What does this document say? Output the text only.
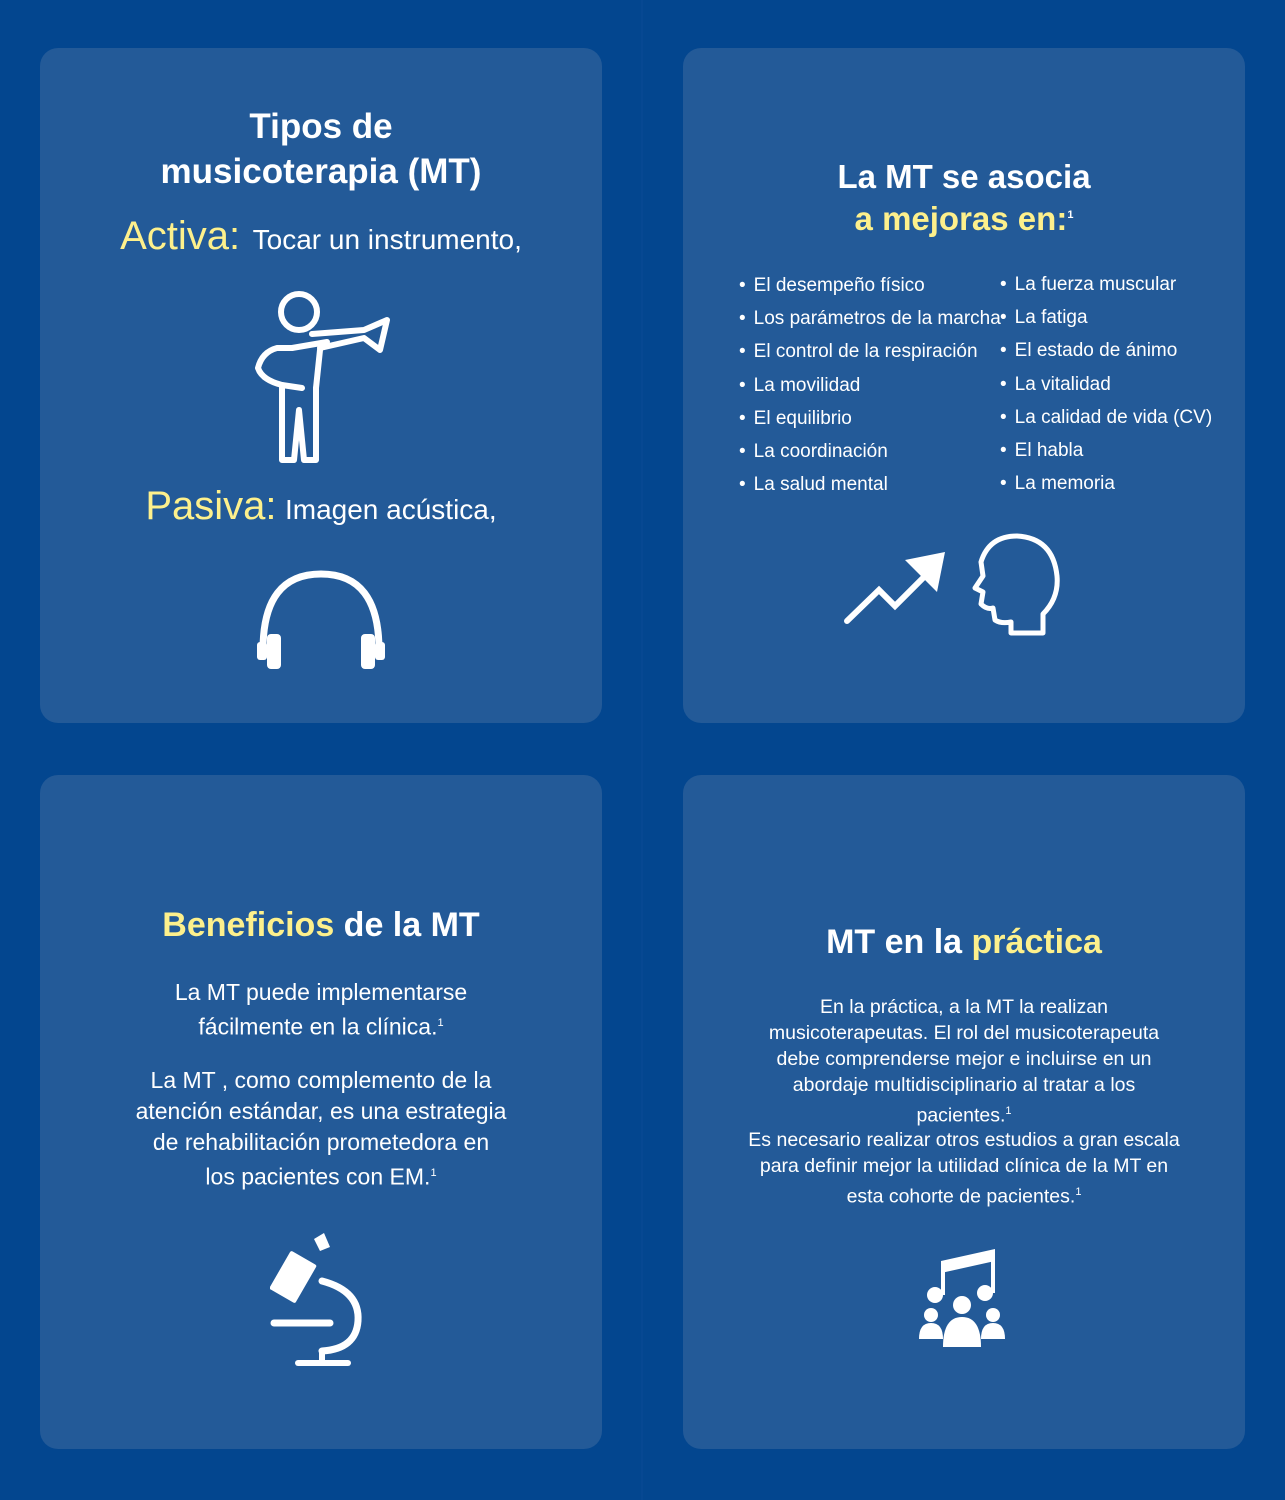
Tipos de
musicoterapia (MT)
Activa: Tocar un instrumento,
Pasiva: Imagen acústica,
La MT se asocia
a mejoras en:$^1$
• El desempeño físico
• Los parámetros de la marcha
• El control de la respiración
• La movilidad
• El equilibrio
• La coordinación
• La salud mental
• La fuerza muscular
• La fatiga
• El estado de ánimo
• La vitalidad
• La calidad de vida (CV)
• El habla
• La memoria
Beneficios de la MT
La MT puede implementarse
fácilmente en la clínica.$^1$
La MT , como complemento de la
atención estándar, es una estrategia
de rehabilitación prometedora en
los pacientes con EM.$^1$
MT en la práctica
En la práctica, a la MT la realizan
musicoterapeutas. El rol del musicoterapeuta
debe comprenderse mejor e incluirse en un
abordaje multidisciplinario al tratar a los
pacientes.$^1$
Es necesario realizar otros estudios a gran escala
para definir mejor la utilidad clínica de la MT en
esta cohorte de pacientes.$^1$
